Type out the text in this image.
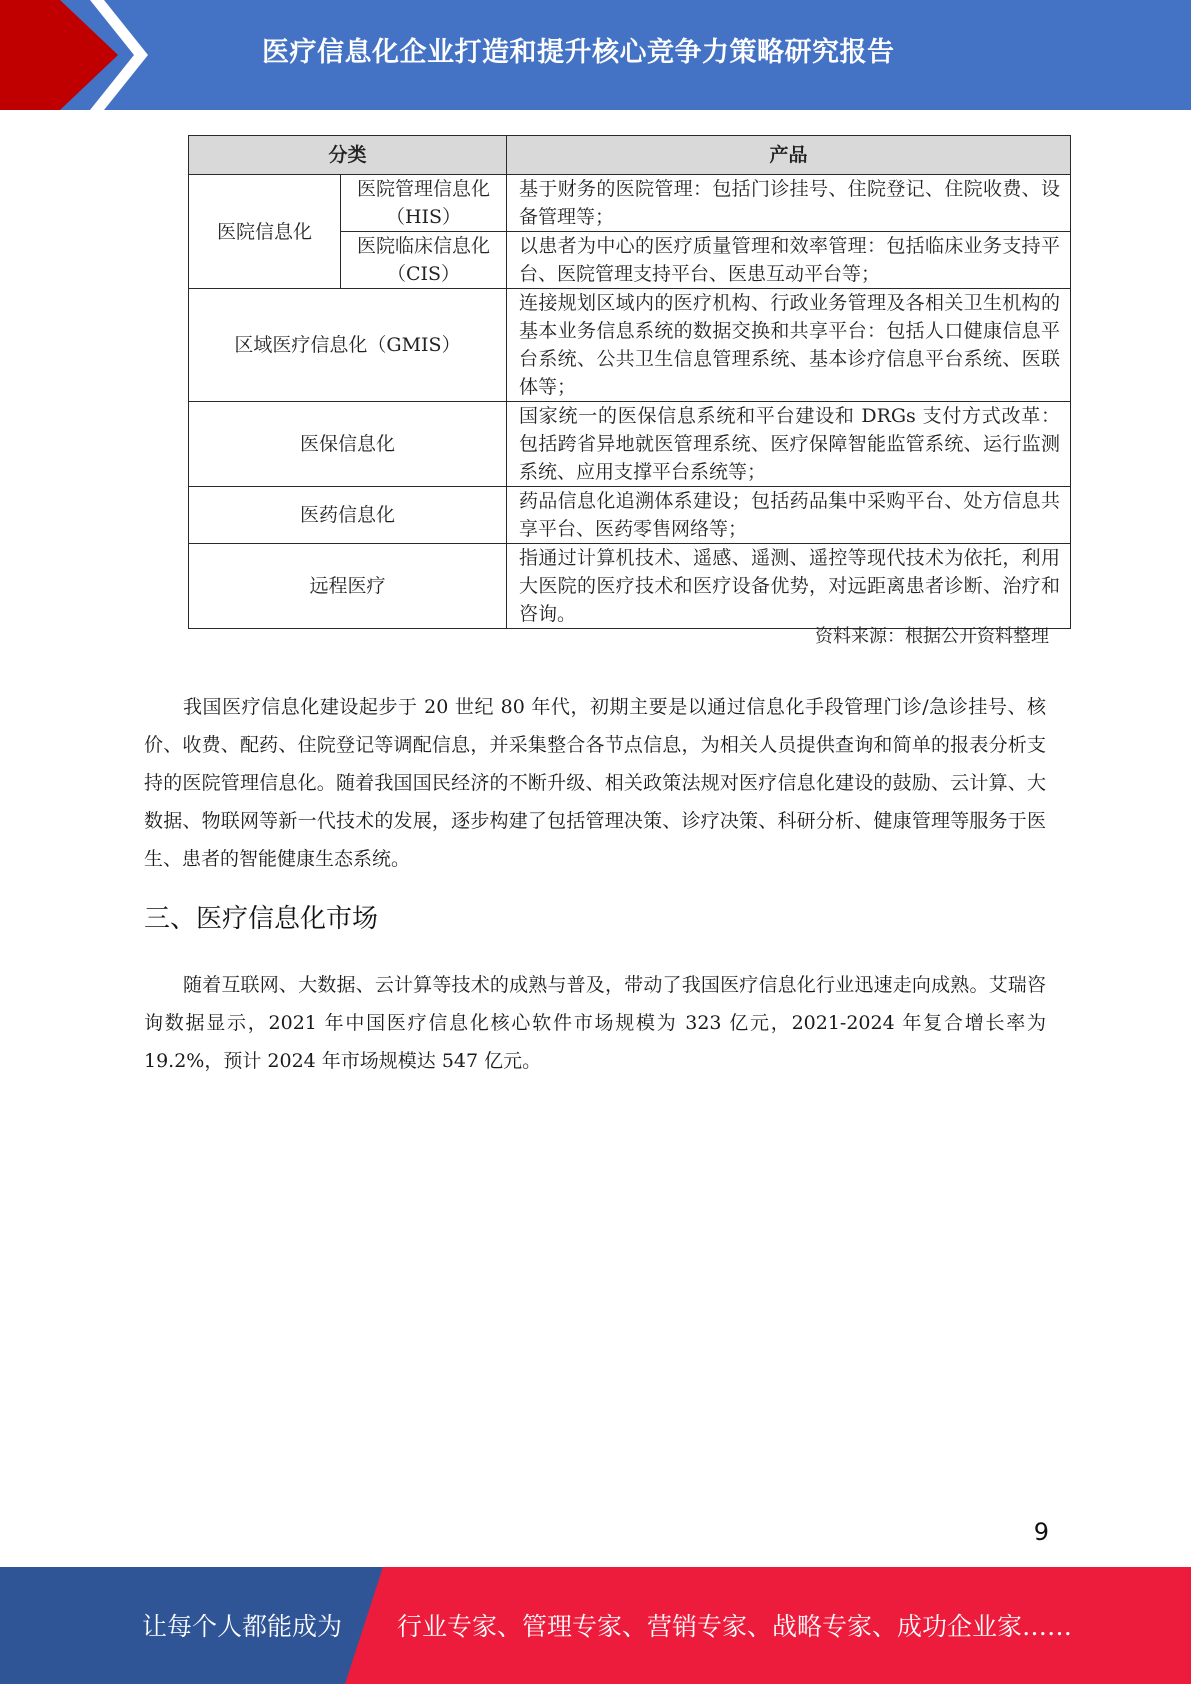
医疗信息化企业打造和提升核心竞争力策略研究报告
分类		产品
医院信息化	医院管理信息化（HIS）	基于财务的医院管理：包括门诊挂号、住院登记、住院收费、设备管理等；
	医院临床信息化（CIS）	以患者为中心的医疗质量管理和效率管理：包括临床业务支持平台、医院管理支持平台、医患互动平台等；
区域医疗信息化（GMIS）		连接规划区域内的医疗机构、行政业务管理及各相关卫生机构的基本业务信息系统的数据交换和共享平台：包括人口健康信息平台系统、公共卫生信息管理系统、基本诊疗信息平台系统、医联体等；
医保信息化		国家统一的医保信息系统和平台建设和 DRGs 支付方式改革：包括跨省异地就医管理系统、医疗保障智能监管系统、运行监测系统、应用支撑平台系统等；
医药信息化		药品信息化追溯体系建设；包括药品集中采购平台、处方信息共享平台、医药零售网络等；
远程医疗		指通过计算机技术、遥感、遥测、遥控等现代技术为依托，利用大医院的医疗技术和医疗设备优势，对远距离患者诊断、治疗和咨询。
资料来源：根据公开资料整理

我国医疗信息化建设起步于 20 世纪 80 年代，初期主要是以通过信息化手段管理门诊/急诊挂号、核价、收费、配药、住院登记等调配信息，并采集整合各节点信息，为相关人员提供查询和简单的报表分析支持的医院管理信息化。随着我国国民经济的不断升级、相关政策法规对医疗信息化建设的鼓励、云计算、大数据、物联网等新一代技术的发展，逐步构建了包括管理决策、诊疗决策、科研分析、健康管理等服务于医生、患者的智能健康生态系统。

三、医疗信息化市场

随着互联网、大数据、云计算等技术的成熟与普及，带动了我国医疗信息化行业迅速走向成熟。艾瑞咨询数据显示，2021 年中国医疗信息化核心软件市场规模为 323 亿元，2021-2024 年复合增长率为 19.2%，预计 2024 年市场规模达 547 亿元。

9
让每个人都能成为 行业专家、管理专家、营销专家、战略专家、成功企业家……
